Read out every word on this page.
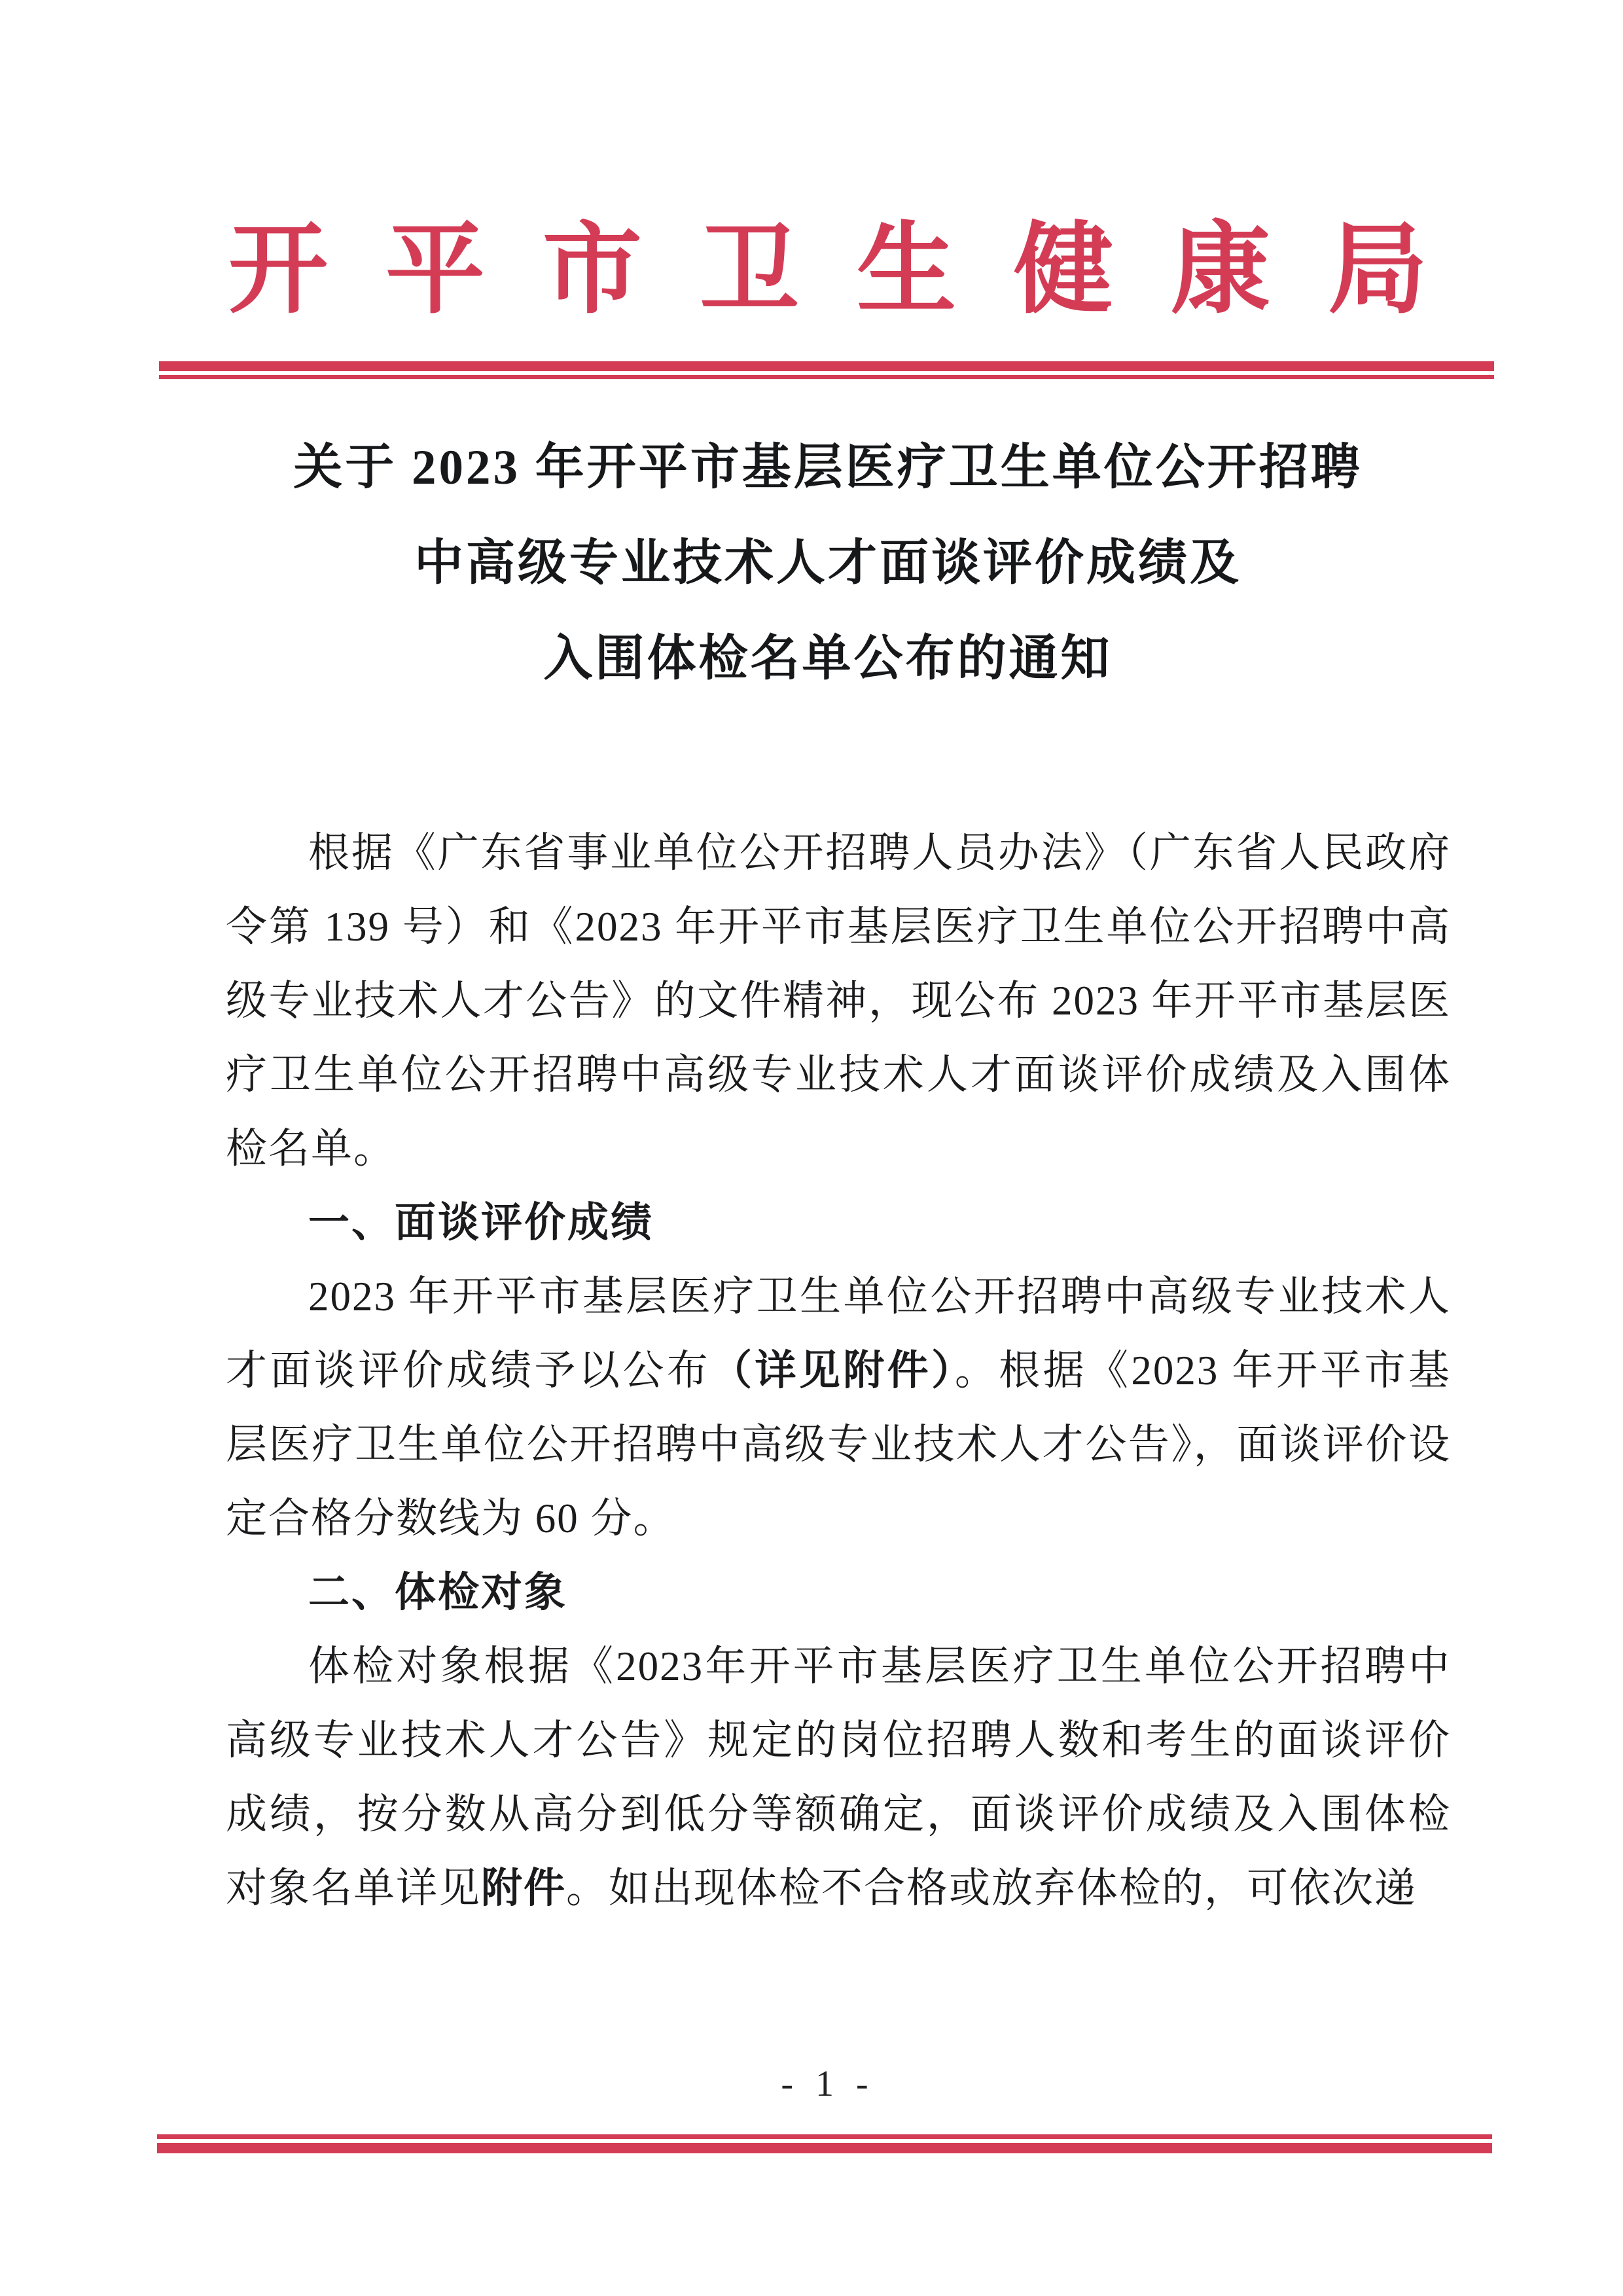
开平市卫生健康局
关于 2023 年开平市基层医疗卫生单位公开招聘
中高级专业技术人才面谈评价成绩及
入围体检名单公布的通知
根据《广东省事业单位公开招聘人员办法》（广东省人民政府令第 139 号）和《2023 年开平市基层医疗卫生单位公开招聘中高级专业技术人才公告》的文件精神，现公布 2023 年开平市基层医疗卫生单位公开招聘中高级专业技术人才面谈评价成绩及入围体检名单。
一、面谈评价成绩
2023 年开平市基层医疗卫生单位公开招聘中高级专业技术人才面谈评价成绩予以公布（详见附件）。根据《2023 年开平市基层医疗卫生单位公开招聘中高级专业技术人才公告》，面谈评价设定合格分数线为 60 分。
二、体检对象
体检对象根据《2023年开平市基层医疗卫生单位公开招聘中高级专业技术人才公告》规定的岗位招聘人数和考生的面谈评价成绩，按分数从高分到低分等额确定，面谈评价成绩及入围体检对象名单详见附件。如出现体检不合格或放弃体检的，可依次递
- 1 -
